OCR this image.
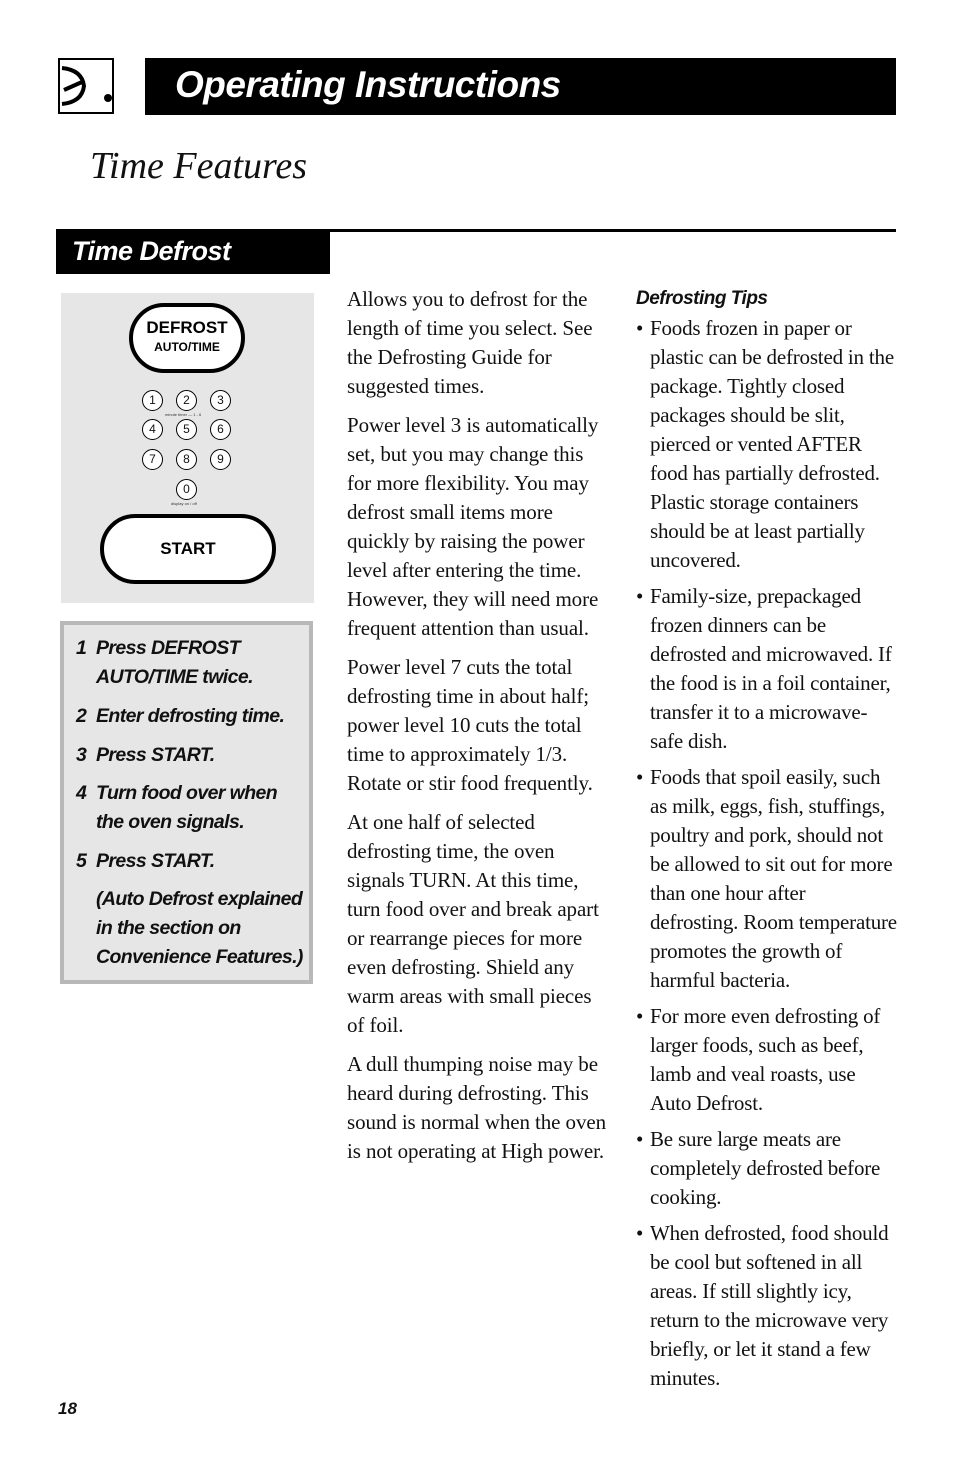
Operating Instructions
Time Features
Time Defrost
DEFROST
AUTO/TIME
1	2	3
minute timer — 1 - 6
4	5	6
7	8	9
0
display on / off
START
1 Press DEFROST AUTO/TIME twice.
2 Enter defrosting time.
3 Press START.
4 Turn food over when the oven signals.
5 Press START.
(Auto Defrost explained in the section on Convenience Features.)

Allows you to defrost for the length of time you select. See the Defrosting Guide for suggested times.

Power level 3 is automatically set, but you may change this for more flexibility. You may defrost small items more quickly by raising the power level after entering the time. However, they will need more frequent attention than usual.

Power level 7 cuts the total defrosting time in about half; power level 10 cuts the total time to approximately 1/3. Rotate or stir food frequently.

At one half of selected defrosting time, the oven signals TURN. At this time, turn food over and break apart or rearrange pieces for more even defrosting. Shield any warm areas with small pieces of foil.

A dull thumping noise may be heard during defrosting. This sound is normal when the oven is not operating at High power.

Defrosting Tips
• Foods frozen in paper or plastic can be defrosted in the package. Tightly closed packages should be slit, pierced or vented AFTER food has partially defrosted. Plastic storage containers should be at least partially uncovered.
• Family-size, prepackaged frozen dinners can be defrosted and microwaved. If the food is in a foil container, transfer it to a microwave-safe dish.
• Foods that spoil easily, such as milk, eggs, fish, stuffings, poultry and pork, should not be allowed to sit out for more than one hour after defrosting. Room temperature promotes the growth of harmful bacteria.
• For more even defrosting of larger foods, such as beef, lamb and veal roasts, use Auto Defrost.
• Be sure large meats are completely defrosted before cooking.
• When defrosted, food should be cool but softened in all areas. If still slightly icy, return to the microwave very briefly, or let it stand a few minutes.
18
